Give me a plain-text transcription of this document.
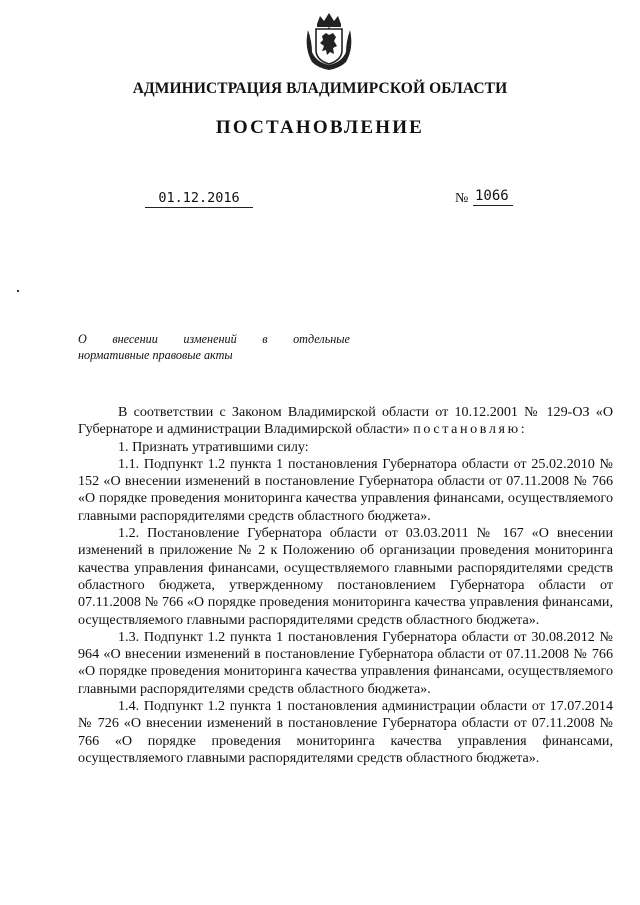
АДМИНИСТРАЦИЯ ВЛАДИМИРСКОЙ ОБЛАСТИ
ПОСТАНОВЛЕНИЕ
01.12.2016	№ 1066
О внесении изменений в отдельные
нормативные правовые акты

В соответствии с Законом Владимирской области от 10.12.2001 № 129-ОЗ «О Губернаторе и администрации Владимирской области» постановляю:

1. Признать утратившими силу:

1.1. Подпункт 1.2 пункта 1 постановления Губернатора области от 25.02.2010 № 152 «О внесении изменений в постановление Губернатора области от 07.11.2008 № 766 «О порядке проведения мониторинга качества управления финансами, осуществляемого главными распорядителями средств областного бюджета».

1.2. Постановление Губернатора области от 03.03.2011 № 167 «О внесении изменений в приложение № 2 к Положению об организации проведения мониторинга качества управления финансами, осуществляемого главными распорядителями средств областного бюджета, утвержденному постановлением Губернатора области от 07.11.2008 № 766 «О порядке проведения мониторинга качества управления финансами, осуществляемого главными распорядителями средств областного бюджета».

1.3. Подпункт 1.2 пункта 1 постановления Губернатора области от 30.08.2012 № 964 «О внесении изменений в постановление Губернатора области от 07.11.2008 № 766 «О порядке проведения мониторинга качества управления финансами, осуществляемого главными распорядителями средств областного бюджета».

1.4. Подпункт 1.2 пункта 1 постановления администрации области от 17.07.2014 № 726 «О внесении изменений в постановление Губернатора области от 07.11.2008 № 766 «О порядке проведения мониторинга качества управления финансами, осуществляемого главными распорядителями средств областного бюджета».
